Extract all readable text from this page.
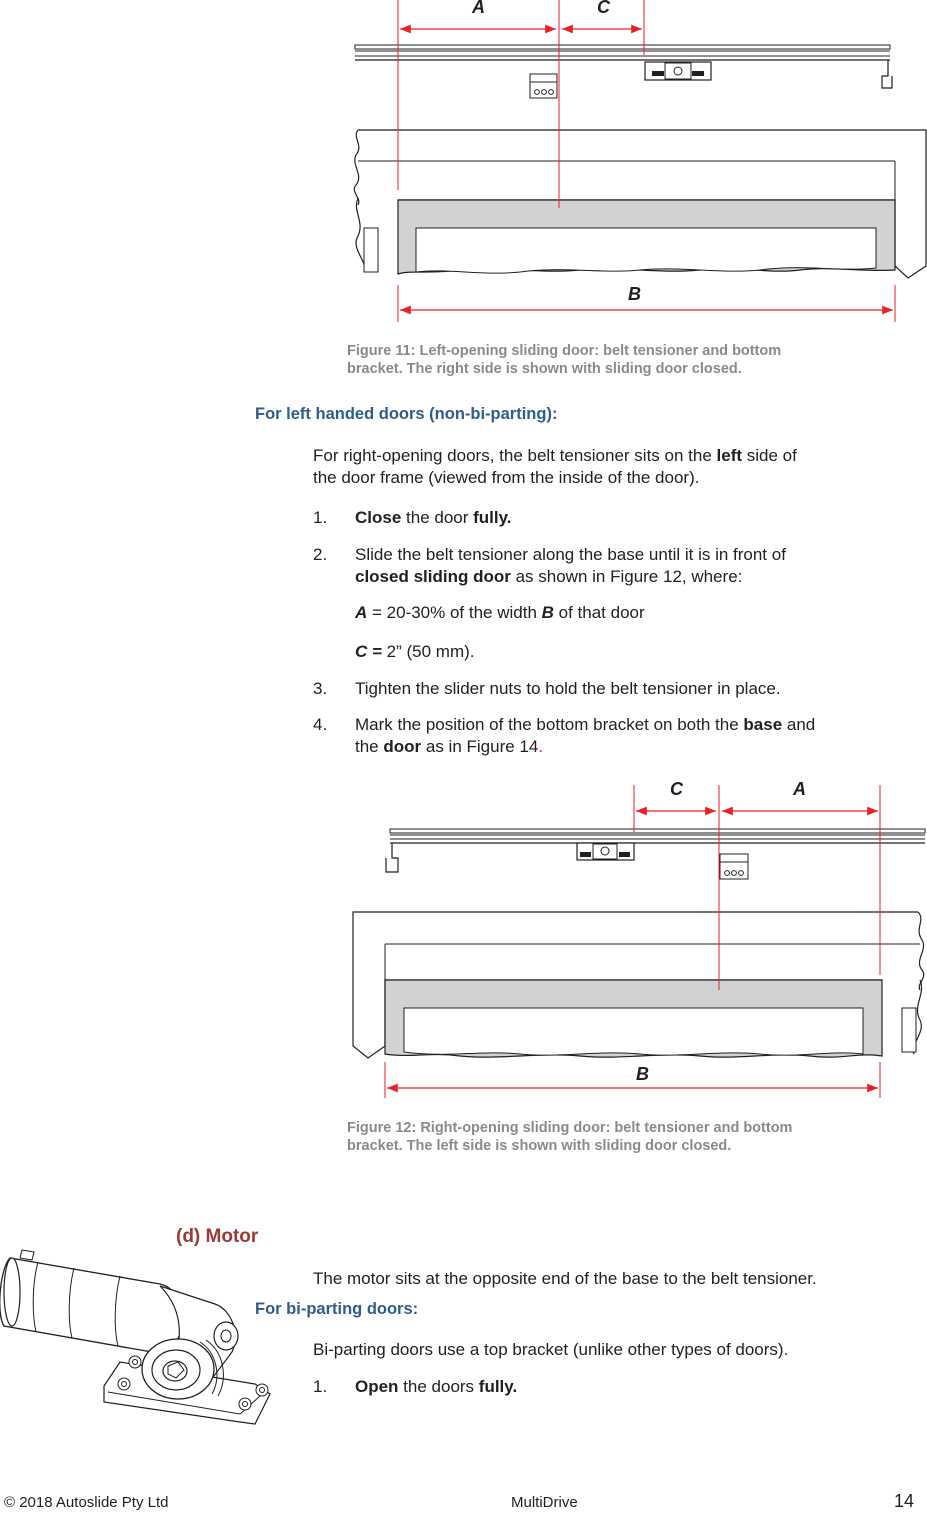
A	C
B
Figure 11: Left-opening sliding door: belt tensioner and bottom
bracket. The right side is shown with sliding door closed.
For left handed doors (non-bi-parting):
For right-opening doors, the belt tensioner sits on the left side of
the door frame (viewed from the inside of the door).
1. Close the door fully.
2. Slide the belt tensioner along the base until it is in front of
closed sliding door as shown in Figure 12, where:
A = 20-30% of the width B of that door
C = 2” (50 mm).
3. Tighten the slider nuts to hold the belt tensioner in place.
4. Mark the position of the bottom bracket on both the base and
the door as in Figure 14.
C	A
B
Figure 12: Right-opening sliding door: belt tensioner and bottom
bracket. The left side is shown with sliding door closed.
(d) Motor
The motor sits at the opposite end of the base to the belt tensioner.
For bi-parting doors:
Bi-parting doors use a top bracket (unlike other types of doors).
1. Open the doors fully.
© 2018 Autoslide Pty Ltd	MultiDrive	14
